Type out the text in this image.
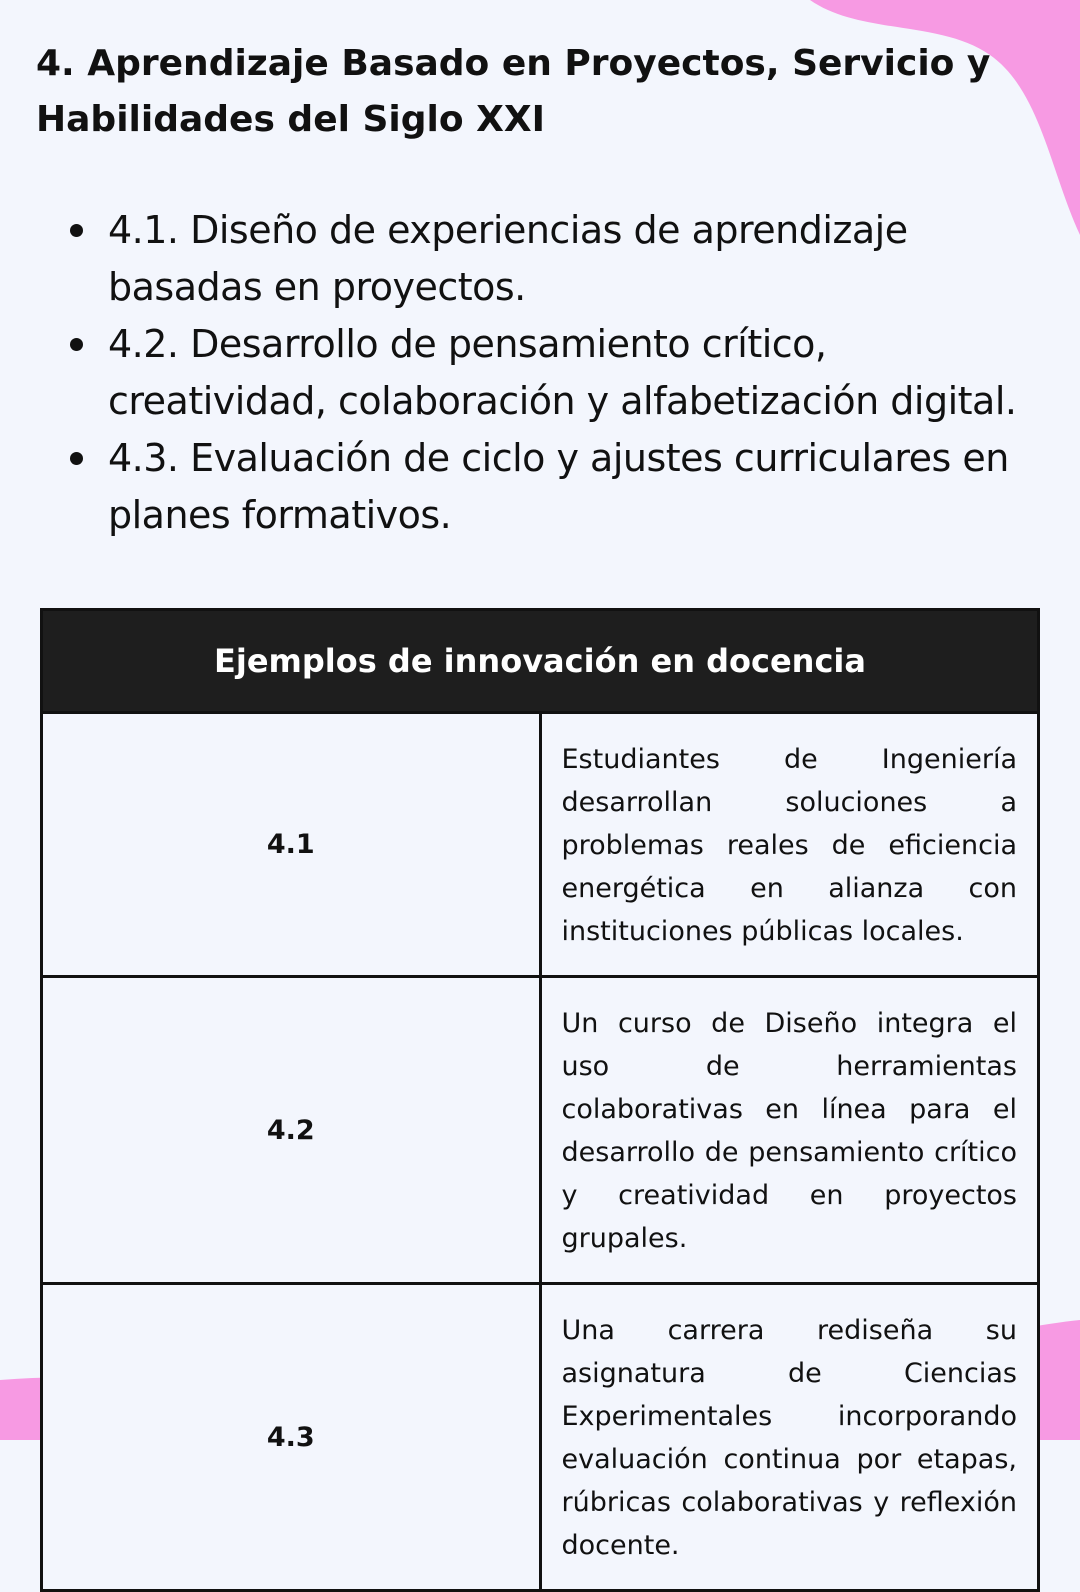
4. Aprendizaje Basado en Proyectos, Servicio y Habilidades del Siglo XXI
4.1. Diseño de experiencias de aprendizaje basadas en proyectos.
4.2. Desarrollo de pensamiento crítico, creatividad, colaboración y alfabetización digital.
4.3. Evaluación de ciclo y ajustes curriculares en planes formativos.
Ejemplos de innovación en docencia	
4.1	Estudiantes de Ingeniería desarrollan soluciones a problemas reales de eficiencia energética en alianza con instituciones públicas locales.
4.2	Un curso de Diseño integra el uso de herramientas colaborativas en línea para el desarrollo de pensamiento crítico y creatividad en proyectos grupales.
4.3	Una carrera rediseña su asignatura de Ciencias Experimentales incorporando evaluación continua por etapas, rúbricas colaborativas y reflexión docente.
